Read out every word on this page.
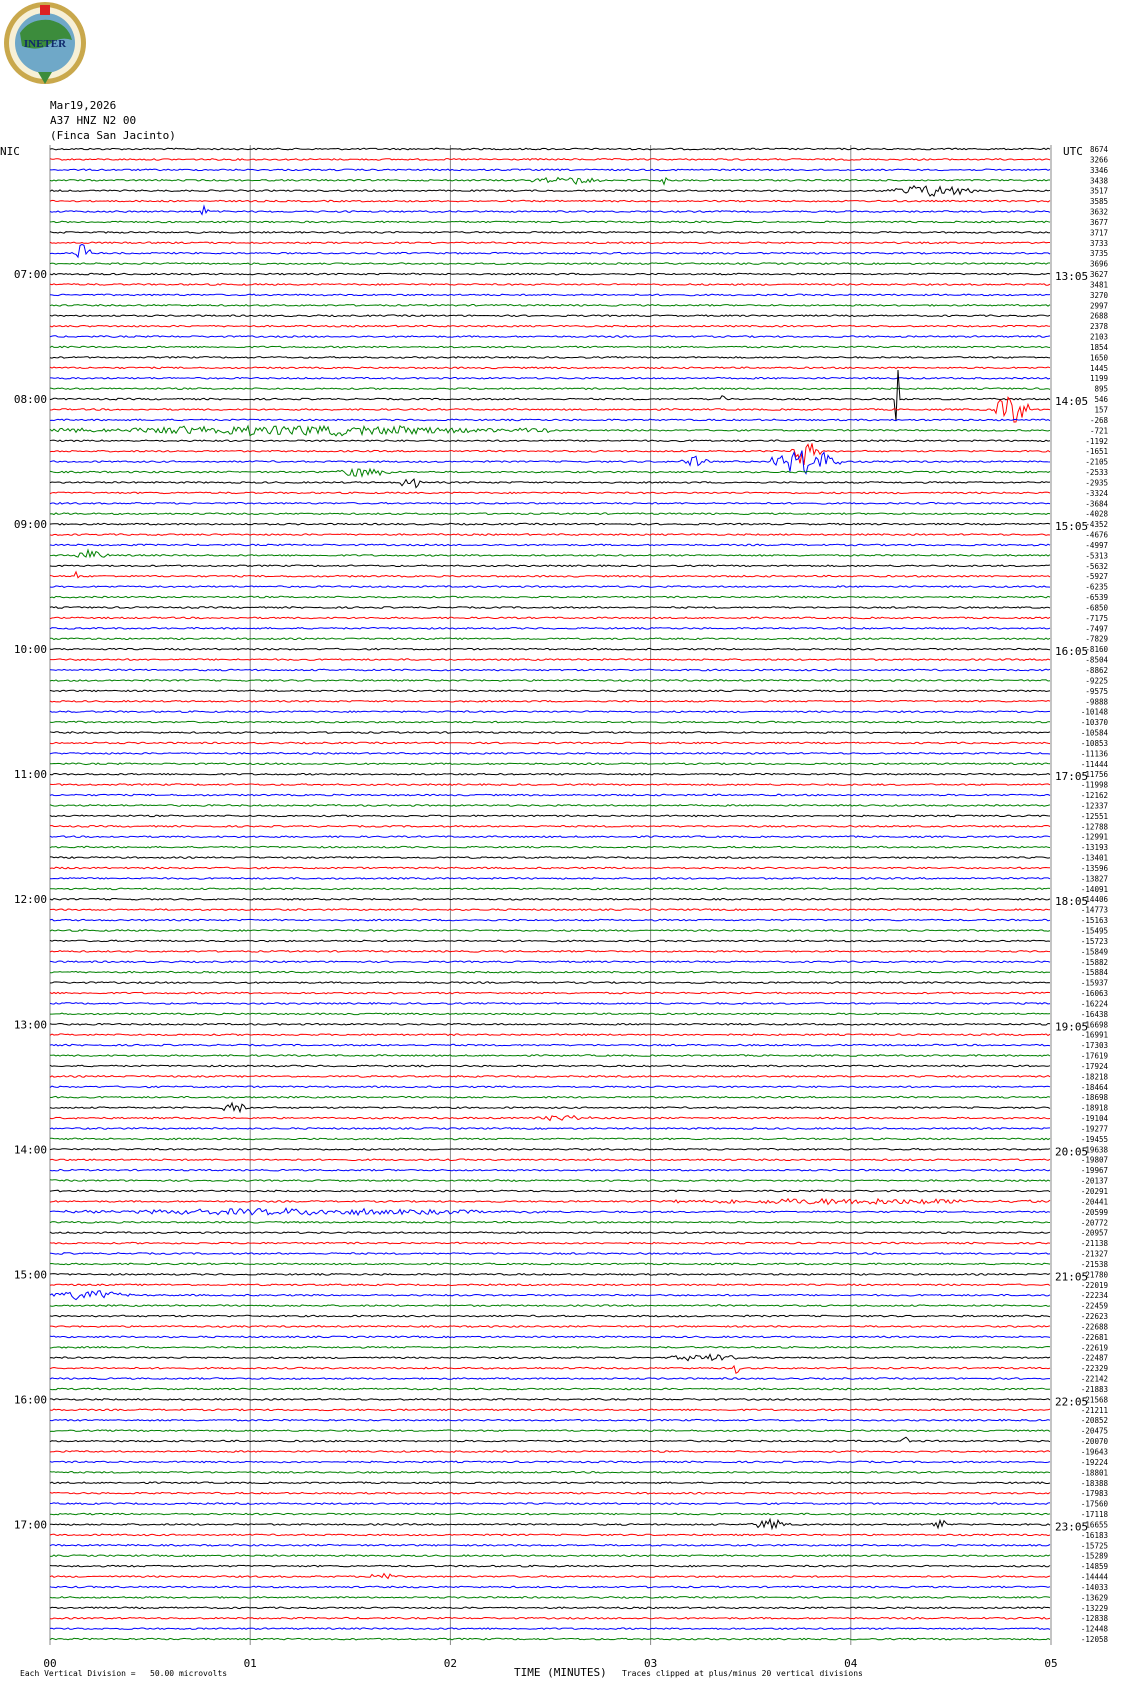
INETER
Mar19,2026
A37 HNZ N2 00
(Finca San Jacinto)
NIC	UTC
TIME (MINUTES)
Each Vertical Division =   50.00 microvolts	Traces clipped at plus/minus 20 vertical divisions
00	01	02	03	04	05
8674
3266
3346
3438
3517
3585
3632
3677
3717
3733
3735
3696
3627
3481
3270
2997
2688
2378
2103
1854
1650
1445
1199
895
546
157
-268
-721
-1192
-1651
-2105
-2533
-2935
-3324
-3684
-4028
-4352
-4676
-4997
-5313
-5632
-5927
-6235
-6539
-6850
-7175
-7497
-7829
-8160
-8504
-8862
-9225
-9575
-9888
-10148
-10370
-10584
-10853
-11136
-11444
-11756
-11998
-12162
-12337
-12551
-12788
-12991
-13193
-13401
-13596
-13827
-14091
-14406
-14773
-15163
-15495
-15723
-15849
-15882
-15884
-15937
-16063
-16224
-16438
-16698
-16991
-17303
-17619
-17924
-18218
-18464
-18698
-18918
-19104
-19277
-19455
-19638
-19807
-19967
-20137
-20291
-20441
-20599
-20772
-20957
-21138
-21327
-21538
-21780
-22019
-22234
-22459
-22623
-22688
-22681
-22619
-22487
-22329
-22142
-21883
-21568
-21211
-20852
-20475
-20070
-19643
-19224
-18801
-18388
-17983
-17560
-17118
-16655
-16183
-15725
-15289
-14859
-14444
-14033
-13629
-13229
-12838
-12448
-12058
07:00	13:05
08:00	14:05
09:00	15:05
10:00	16:05
11:00	17:05
12:00	18:05
13:00	19:05
14:00	20:05
15:00	21:05
16:00	22:05
17:00	23:05
